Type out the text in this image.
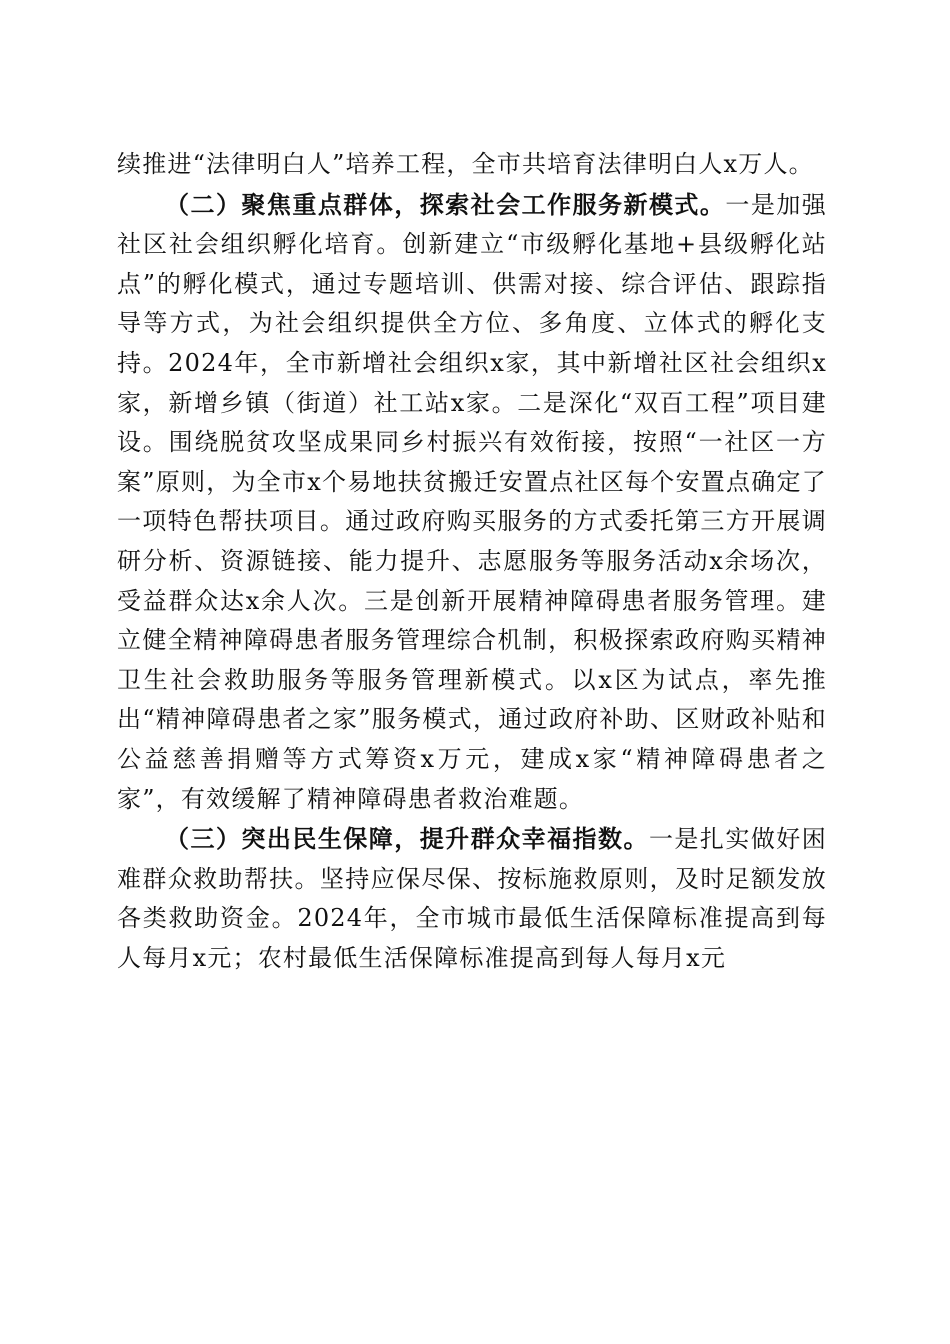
续推进“法律明白人”培养工程，全市共培育法律明白人x万人。

（二）聚焦重点群体，探索社会工作服务新模式。一是加强社区社会组织孵化培育。创新建立“市级孵化基地+县级孵化站点”的孵化模式，通过专题培训、供需对接、综合评估、跟踪指导等方式，为社会组织提供全方位、多角度、立体式的孵化支持。2024年，全市新增社会组织x家，其中新增社区社会组织x家，新增乡镇（街道）社工站x家。二是深化“双百工程”项目建设。围绕脱贫攻坚成果同乡村振兴有效衔接，按照“一社区一方案”原则，为全市x个易地扶贫搬迁安置点社区每个安置点确定了一项特色帮扶项目。通过政府购买服务的方式委托第三方开展调研分析、资源链接、能力提升、志愿服务等服务活动x余场次，受益群众达x余人次。三是创新开展精神障碍患者服务管理。建立健全精神障碍患者服务管理综合机制，积极探索政府购买精神卫生社会救助服务等服务管理新模式。以x区为试点，率先推出“精神障碍患者之家”服务模式，通过政府补助、区财政补贴和公益慈善捐赠等方式筹资x万元，建成x家“精神障碍患者之家”，有效缓解了精神障碍患者救治难题。

（三）突出民生保障，提升群众幸福指数。一是扎实做好困难群众救助帮扶。坚持应保尽保、按标施救原则，及时足额发放各类救助资金。2024年，全市城市最低生活保障标准提高到每人每月x元；农村最低生活保障标准提高到每人每月x元
